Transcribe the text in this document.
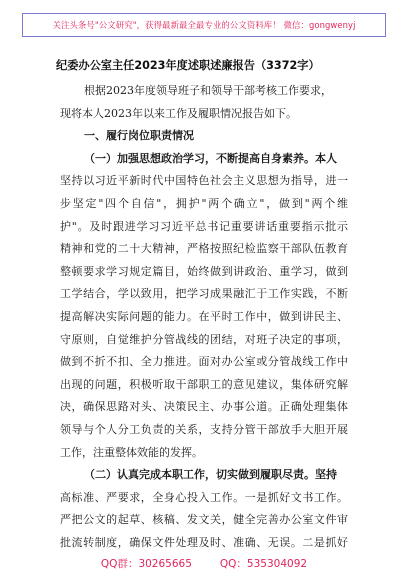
关注头条号"公文研究"，获得最新最全最专业的公文资料库！ 微信：gongwenyj
纪委办公室主任2023年度述职述廉报告（3372字）
根据2023年度领导班子和领导干部考核工作要求，
现将本人2023年以来工作及履职情况报告如下。
一、履行岗位职责情况
（一）加强思想政治学习，不断提高自身素养。本人
坚持以习近平新时代中国特色社会主义思想为指导，进一
步坚定"四个自信"，拥护"两个确立"，做到"两个维
护"。及时跟进学习习近平总书记重要讲话重要指示批示
精神和党的二十大精神，严格按照纪检监察干部队伍教育
整顿要求学习规定篇目，始终做到讲政治、重学习，做到
工学结合，学以致用，把学习成果融汇于工作实践，不断
提高解决实际问题的能力。在平时工作中，做到讲民主、
守原则，自觉维护分管战线的团结，对班子决定的事项，
做到不折不扣、全力推进。面对办公室或分管战线工作中
出现的问题，积极听取干部职工的意见建议，集体研究解
决，确保思路对头、决策民主、办事公道。正确处理集体
领导与个人分工负责的关系，支持分管干部放手大胆开展
工作，注重整体效能的发挥。
（二）认真完成本职工作，切实做到履职尽责。坚持
高标准、严要求，全身心投入工作。一是抓好文书工作。
严把公文的起草、核稿、发文关，健全完善办公室文件审
批流转制度，确保文件处理及时、准确、无误。二是抓好
QQ群：30265665	QQ：535304092
